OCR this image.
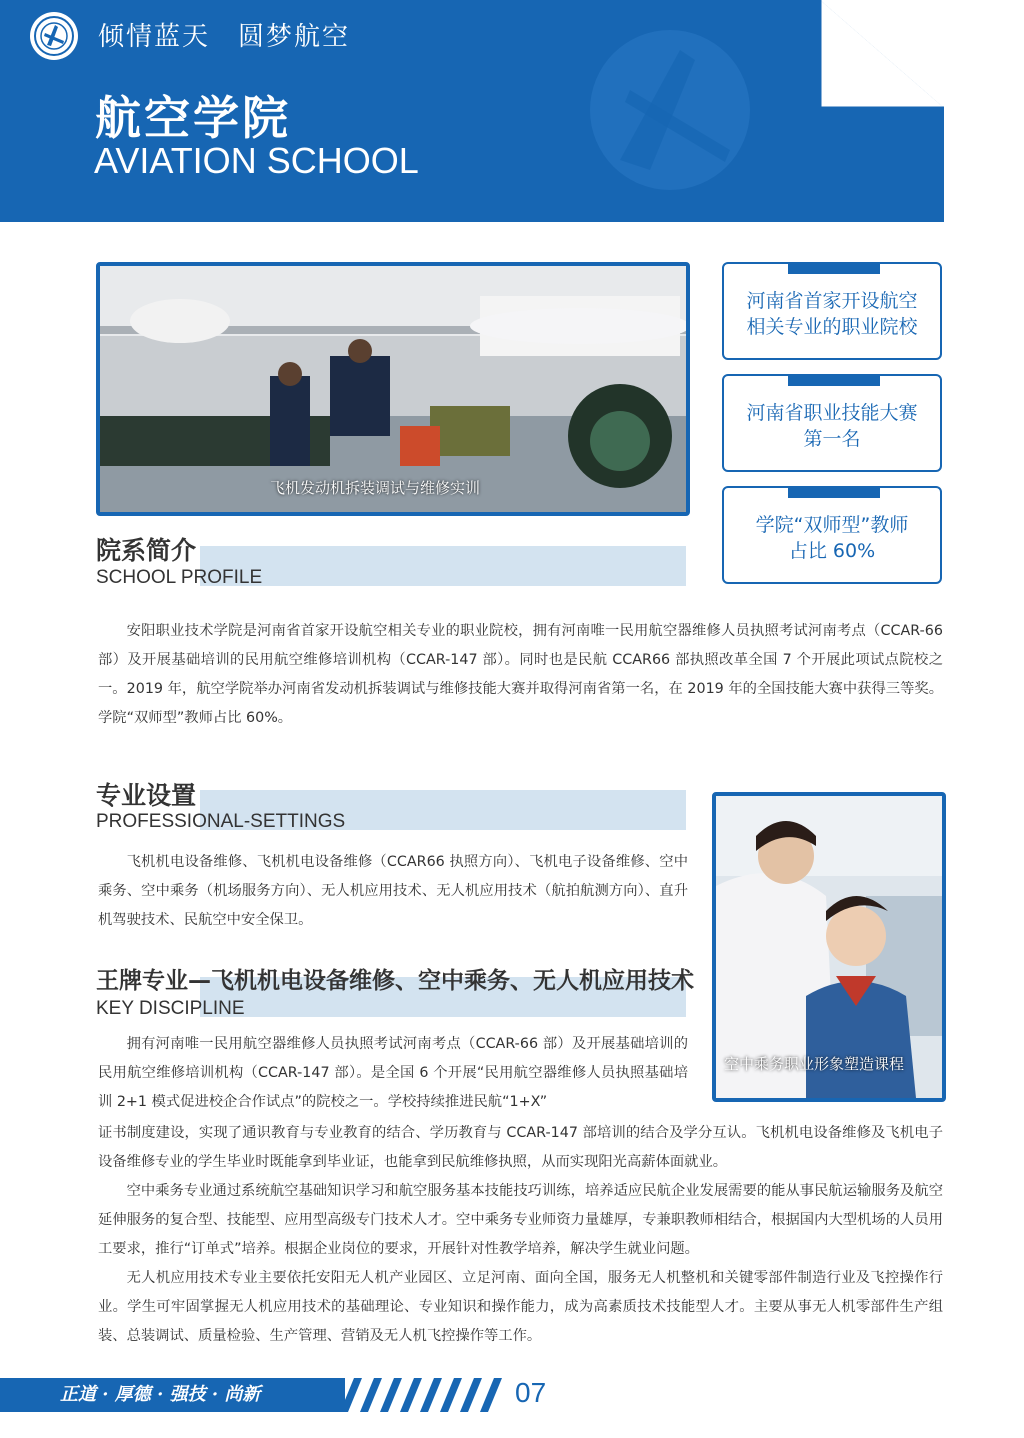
倾情蓝天　圆梦航空
航空学院
AVIATION SCHOOL
飞机发动机拆装调试与维修实训
河南省首家开设航空
相关专业的职业院校
河南省职业技能大赛
第一名
学院“双师型”教师
占比 60%
院系简介
SCHOOL PROFILE

安阳职业技术学院是河南省首家开设航空相关专业的职业院校，拥有河南唯一民用航空器维修人员执照考试河南考点（CCAR-66 部）及开展基础培训的民用航空维修培训机构（CCAR-147 部）。同时也是民航 CCAR66 部执照改革全国 7 个开展此项试点院校之一。2019 年，航空学院举办河南省发动机拆装调试与维修技能大赛并取得河南省第一名，在 2019 年的全国技能大赛中获得三等奖。学院“双师型”教师占比 60%。

专业设置
PROFESSIONAL-SETTINGS

飞机机电设备维修、飞机机电设备维修（CCAR66 执照方向）、飞机电子设备维修、空中乘务、空中乘务（机场服务方向）、无人机应用技术、无人机应用技术（航拍航测方向）、直升机驾驶技术、民航空中安全保卫。

空中乘务职业形象塑造课程
王牌专业—飞机机电设备维修、空中乘务、无人机应用技术
KEY DISCIPLINE

拥有河南唯一民用航空器维修人员执照考试河南考点（CCAR-66 部）及开展基础培训的民用航空维修培训机构（CCAR-147 部）。是全国 6 个开展“民用航空器维修人员执照基础培训 2+1 模式促进校企合作试点”的院校之一。学校持续推进民航“1+X”

证书制度建设，实现了通识教育与专业教育的结合、学历教育与 CCAR-147 部培训的结合及学分互认。飞机机电设备维修及飞机电子设备维修专业的学生毕业时既能拿到毕业证，也能拿到民航维修执照，从而实现阳光高薪体面就业。

空中乘务专业通过系统航空基础知识学习和航空服务基本技能技巧训练，培养适应民航企业发展需要的能从事民航运输服务及航空延伸服务的复合型、技能型、应用型高级专门技术人才。空中乘务专业师资力量雄厚，专兼职教师相结合，根据国内大型机场的人员用工要求，推行“订单式”培养。根据企业岗位的要求，开展针对性教学培养，解决学生就业问题。

无人机应用技术专业主要依托安阳无人机产业园区、立足河南、面向全国，服务无人机整机和关键零部件制造行业及飞控操作行业。学生可牢固掌握无人机应用技术的基础理论、专业知识和操作能力，成为高素质技术技能型人才。主要从事无人机零部件生产组装、总装调试、质量检验、生产管理、营销及无人机飞控操作等工作。

正道 · 厚德 · 强技 · 尚新	07
